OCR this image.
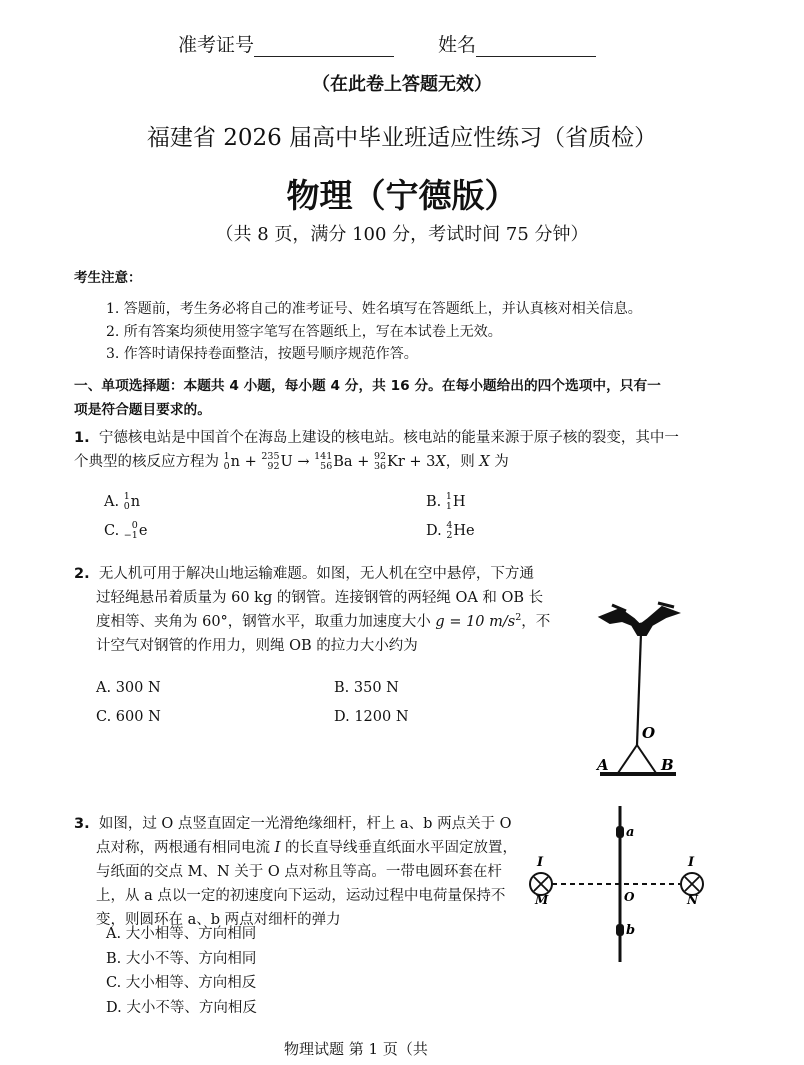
准考证号	姓名
（在此卷上答题无效）
福建省 2026 届高中毕业班适应性练习（省质检）
物理（宁德版）
（共 8 页，满分 100 分，考试时间 75 分钟）
考生注意：
1. 答题前，考生务必将自己的准考证号、姓名填写在答题纸上，并认真核对相关信息。
2. 所有答案均须使用签字笔写在答题纸上，写在本试卷上无效。
3. 作答时请保持卷面整洁，按题号顺序规范作答。
一、单项选择题：本题共 4 小题，每小题 4 分，共 16 分。在每小题给出的四个选项中，只有一
项是符合题目要求的。
1. 宁德核电站是中国首个在海岛上建设的核电站。核电站的能量来源于原子核的裂变，其中一
个典型的核反应方程为 1
0 n + 235
92 U → 141
56 Ba + 92
36 Kr + 3X，则 X 为
A. 1
0 n	B. 1
1 H
C.	0
−1 e	D. 4
2 He
2. 无人机可用于解决山地运输难题。如图，无人机在空中悬停，下方通
过轻绳悬吊着质量为 60 kg 的钢管。连接钢管的两轻绳 OA 和 OB 长
度相等、夹角为 60°，钢管水平，取重力加速度大小 g = 10 $m/s^2$，不
计空气对钢管的作用力，则绳 OB 的拉力大小约为
A. 300 N	B. 350 N
C. 600 N	D. 1200 N
O
A	B
3. 如图，过 O 点竖直固定一光滑绝缘细杆，杆上 a、b 两点关于 O
点对称，两根通有相同电流 I 的长直导线垂直纸面水平固定放置，
与纸面的交点 M、N 关于 O 点对称且等高。一带电圆环套在杆
上，从 a 点以一定的初速度向下运动，运动过程中电荷量保持不
变，则圆环在 a、b 两点对细杆的弹力
A. 大小相等、方向相同
B. 大小不等、方向相同
C. 大小相等、方向相反
D. 大小不等、方向相反
a
b
O
M	N
I	I
物理试题 第 1 页（共
